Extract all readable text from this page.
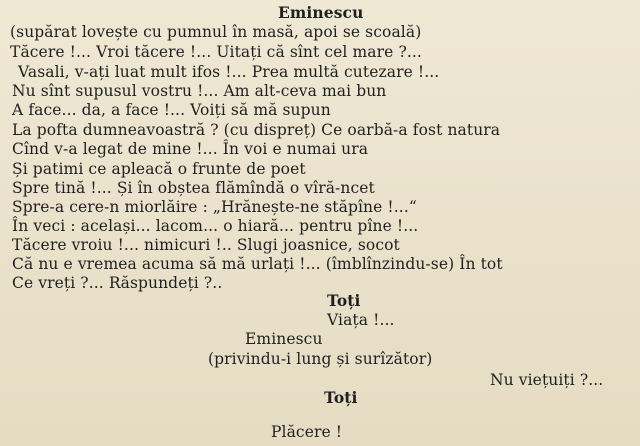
Eminescu
(supărat lovește cu pumnul în masă, apoi se scoală)
Tăcere !... Vroi tăcere !... Uitați că sînt cel mare ?...
Vasali, v-ați luat mult ifos !... Prea multă cutezare !...
Nu sînt supusul vostru !... Am alt-ceva mai bun
A face... da, a face !... Voiți să mă supun
La pofta dumneavoastră ? (cu dispreț) Ce oarbă-a fost natura
Cînd v-a legat de mine !... În voi e numai ura
Și patimi ce apleacă o frunte de poet
Spre tină !... Și în obștea flămîndă o vîră-ncet
Spre-a cere-n miorlăire : „Hrănește-ne stăpîne !...“
În veci : același... lacom... o hiară... pentru pîne !...
Tăcere vroiu !... nimicuri !.. Slugi joasnice, socot
Că nu e vremea acuma să mă urlați !... (îmblînzindu-se) În tot
Ce vreți ?... Răspundeți ?..
Toți
Viața !...
Eminescu
(privindu-i lung și surîzător)
Nu viețuiți ?...
Toți
Plăcere !
